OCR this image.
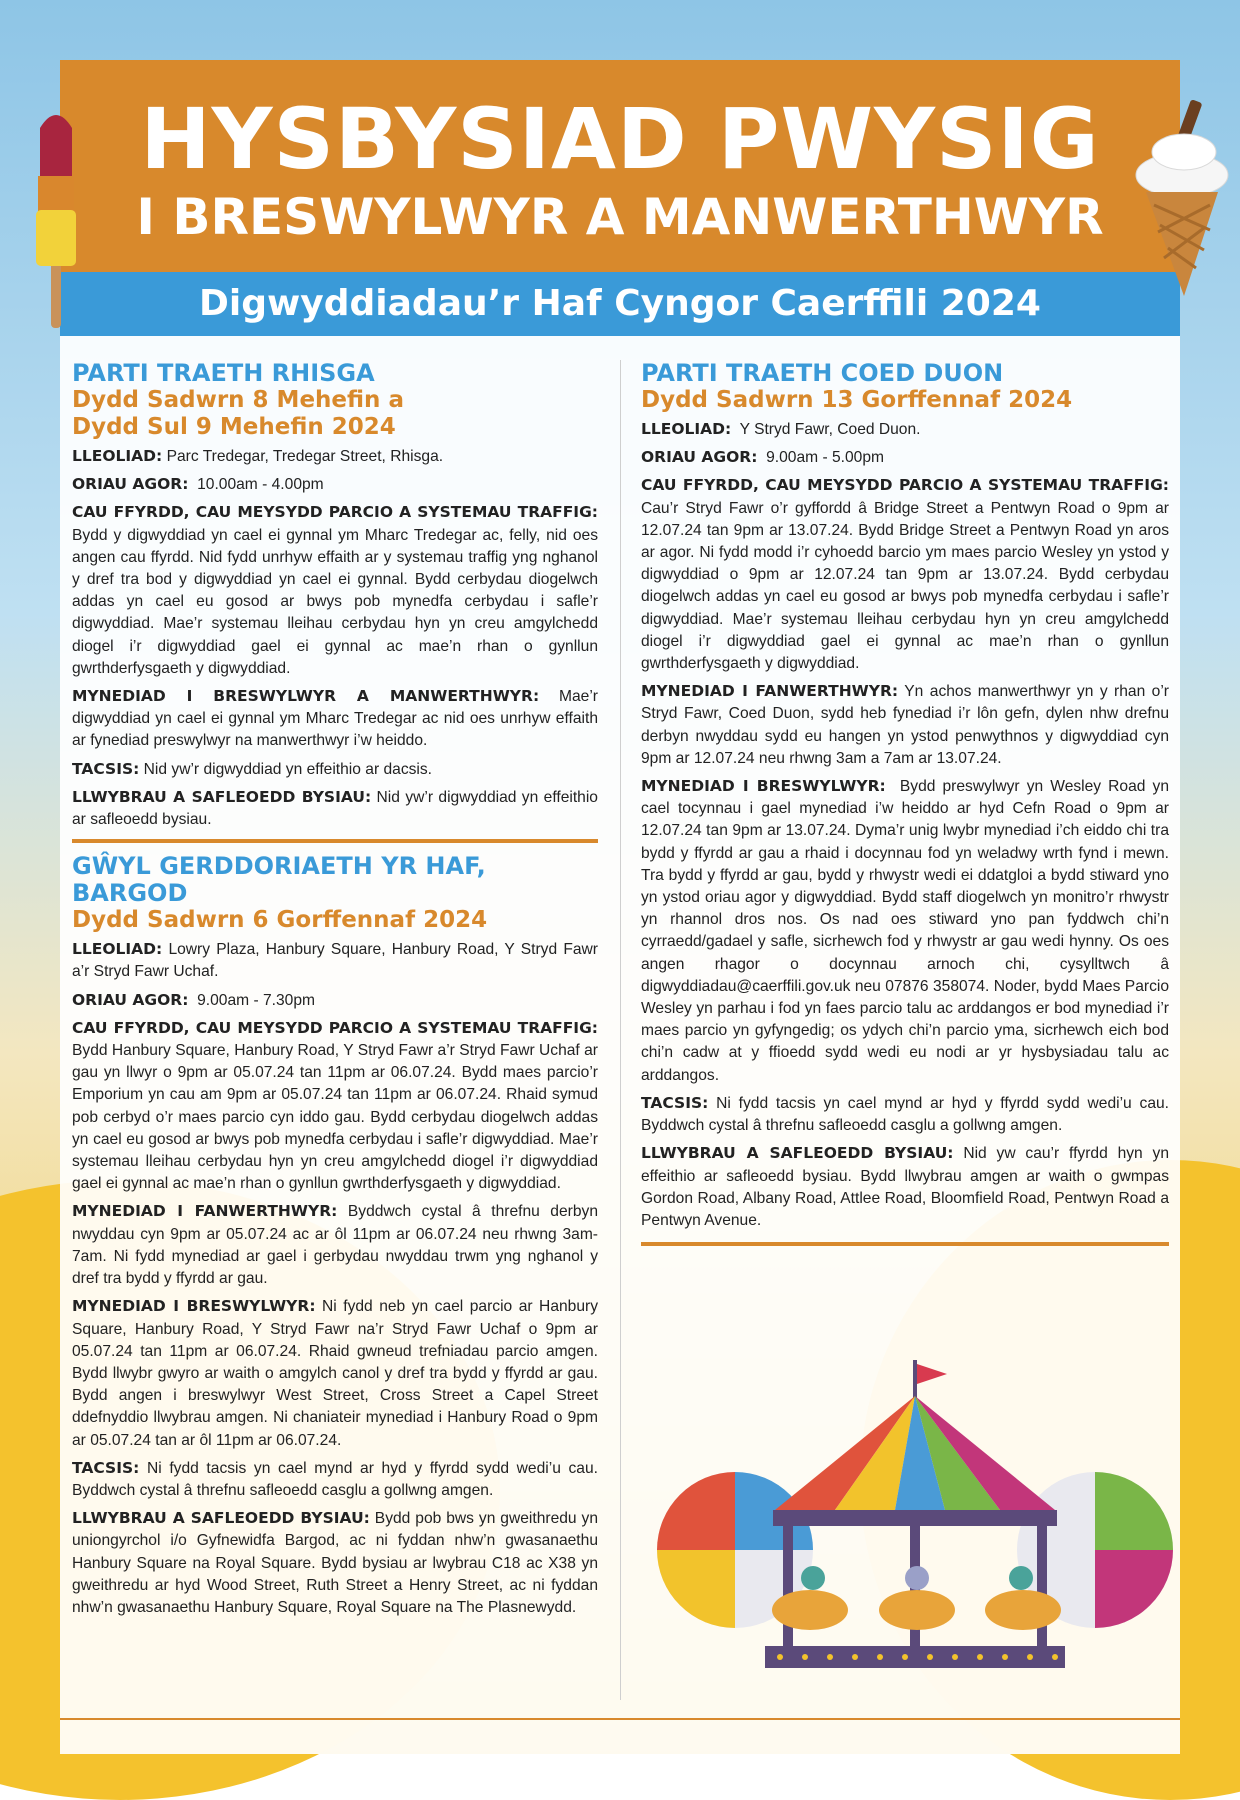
HYSBYSIAD PWYSIG
I BRESWYLWYR A MANWERTHWYR
Digwyddiadau’r Haf Cyngor Caerffili 2024
PARTI TRAETH RHISGA
Dydd Sadwrn 8 Mehefin a
Dydd Sul 9 Mehefin 2024

LLEOLIAD: Parc Tredegar, Tredegar Street, Rhisga.

ORIAU AGOR: 10.00am - 4.00pm

CAU FFYRDD, CAU MEYSYDD PARCIO A SYSTEMAU TRAFFIG: Bydd y digwyddiad yn cael ei gynnal ym Mharc Tredegar ac, felly, nid oes angen cau ffyrdd. Nid fydd unrhyw effaith ar y systemau traffig yng nghanol y dref tra bod y digwyddiad yn cael ei gynnal. Bydd cerbydau diogelwch addas yn cael eu gosod ar bwys pob mynedfa cerbydau i safle’r digwyddiad. Mae’r systemau lleihau cerbydau hyn yn creu amgylchedd diogel i’r digwyddiad gael ei gynnal ac mae’n rhan o gynllun gwrthderfysgaeth y digwyddiad.

MYNEDIAD I BRESWYLWYR A MANWERTHWYR: Mae’r digwyddiad yn cael ei gynnal ym Mharc Tredegar ac nid oes unrhyw effaith ar fynediad preswylwyr na manwerthwyr i’w heiddo.

TACSIS: Nid yw’r digwyddiad yn effeithio ar dacsis.

LLWYBRAU A SAFLEOEDD BYSIAU: Nid yw’r digwyddiad yn effeithio ar safleoedd bysiau.

GŴYL GERDDORIAETH YR HAF,
BARGOD
Dydd Sadwrn 6 Gorffennaf 2024

LLEOLIAD: Lowry Plaza, Hanbury Square, Hanbury Road, Y Stryd Fawr a’r Stryd Fawr Uchaf.

ORIAU AGOR: 9.00am - 7.30pm

CAU FFYRDD, CAU MEYSYDD PARCIO A SYSTEMAU TRAFFIG: Bydd Hanbury Square, Hanbury Road, Y Stryd Fawr a’r Stryd Fawr Uchaf ar gau yn llwyr o 9pm ar 05.07.24 tan 11pm ar 06.07.24. Bydd maes parcio’r Emporium yn cau am 9pm ar 05.07.24 tan 11pm ar 06.07.24. Rhaid symud pob cerbyd o’r maes parcio cyn iddo gau. Bydd cerbydau diogelwch addas yn cael eu gosod ar bwys pob mynedfa cerbydau i safle’r digwyddiad. Mae’r systemau lleihau cerbydau hyn yn creu amgylchedd diogel i’r digwyddiad gael ei gynnal ac mae’n rhan o gynllun gwrthderfysgaeth y digwyddiad.

MYNEDIAD I FANWERTHWYR: Byddwch cystal â threfnu derbyn nwyddau cyn 9pm ar 05.07.24 ac ar ôl 11pm ar 06.07.24 neu rhwng 3am-7am. Ni fydd mynediad ar gael i gerbydau nwyddau trwm yng nghanol y dref tra bydd y ffyrdd ar gau.

MYNEDIAD I BRESWYLWYR: Ni fydd neb yn cael parcio ar Hanbury Square, Hanbury Road, Y Stryd Fawr na’r Stryd Fawr Uchaf o 9pm ar 05.07.24 tan 11pm ar 06.07.24. Rhaid gwneud trefniadau parcio amgen. Bydd llwybr gwyro ar waith o amgylch canol y dref tra bydd y ffyrdd ar gau. Bydd angen i breswylwyr West Street, Cross Street a Capel Street ddefnyddio llwybrau amgen. Ni chaniateir mynediad i Hanbury Road o 9pm ar 05.07.24 tan ar ôl 11pm ar 06.07.24.

TACSIS: Ni fydd tacsis yn cael mynd ar hyd y ffyrdd sydd wedi’u cau. Byddwch cystal â threfnu safleoedd casglu a gollwng amgen.

LLWYBRAU A SAFLEOEDD BYSIAU: Bydd pob bws yn gweithredu yn uniongyrchol i/o Gyfnewidfa Bargod, ac ni fyddan nhw’n gwasanaethu Hanbury Square na Royal Square. Bydd bysiau ar lwybrau C18 ac X38 yn gweithredu ar hyd Wood Street, Ruth Street a Henry Street, ac ni fyddan nhw’n gwasanaethu Hanbury Square, Royal Square na The Plasnewydd.

PARTI TRAETH COED DUON
Dydd Sadwrn 13 Gorffennaf 2024

LLEOLIAD: Y Stryd Fawr, Coed Duon.

ORIAU AGOR: 9.00am - 5.00pm

CAU FFYRDD, CAU MEYSYDD PARCIO A SYSTEMAU TRAFFIG: Cau’r Stryd Fawr o’r gyffordd â Bridge Street a Pentwyn Road o 9pm ar 12.07.24 tan 9pm ar 13.07.24. Bydd Bridge Street a Pentwyn Road yn aros ar agor. Ni fydd modd i’r cyhoedd barcio ym maes parcio Wesley yn ystod y digwyddiad o 9pm ar 12.07.24 tan 9pm ar 13.07.24. Bydd cerbydau diogelwch addas yn cael eu gosod ar bwys pob mynedfa cerbydau i safle’r digwyddiad. Mae’r systemau lleihau cerbydau hyn yn creu amgylchedd diogel i’r digwyddiad gael ei gynnal ac mae’n rhan o gynllun gwrthderfysgaeth y digwyddiad.

MYNEDIAD I FANWERTHWYR: Yn achos manwerthwyr yn y rhan o’r Stryd Fawr, Coed Duon, sydd heb fynediad i’r lôn gefn, dylen nhw drefnu derbyn nwyddau sydd eu hangen yn ystod penwythnos y digwyddiad cyn 9pm ar 12.07.24 neu rhwng 3am a 7am ar 13.07.24.

MYNEDIAD I BRESWYLWYR: Bydd preswylwyr yn Wesley Road yn cael tocynnau i gael mynediad i’w heiddo ar hyd Cefn Road o 9pm ar 12.07.24 tan 9pm ar 13.07.24. Dyma’r unig lwybr mynediad i’ch eiddo chi tra bydd y ffyrdd ar gau a rhaid i docynnau fod yn weladwy wrth fynd i mewn. Tra bydd y ffyrdd ar gau, bydd y rhwystr wedi ei ddatgloi a bydd stiward yno yn ystod oriau agor y digwyddiad. Bydd staff diogelwch yn monitro’r rhwystr yn rhannol dros nos. Os nad oes stiward yno pan fyddwch chi’n cyrraedd/gadael y safle, sicrhewch fod y rhwystr ar gau wedi hynny. Os oes angen rhagor o docynnau arnoch chi, cysylltwch â digwyddiadau@caerffili.gov.uk neu 07876 358074. Noder, bydd Maes Parcio Wesley yn parhau i fod yn faes parcio talu ac arddangos er bod mynediad i’r maes parcio yn gyfyngedig; os ydych chi’n parcio yma, sicrhewch eich bod chi’n cadw at y ffioedd sydd wedi eu nodi ar yr hysbysiadau talu ac arddangos.

TACSIS: Ni fydd tacsis yn cael mynd ar hyd y ffyrdd sydd wedi’u cau. Byddwch cystal â threfnu safleoedd casglu a gollwng amgen.

LLWYBRAU A SAFLEOEDD BYSIAU: Nid yw cau’r ffyrdd hyn yn effeithio ar safleoedd bysiau. Bydd llwybrau amgen ar waith o gwmpas Gordon Road, Albany Road, Attlee Road, Bloomfield Road, Pentwyn Road a Pentwyn Avenue.
